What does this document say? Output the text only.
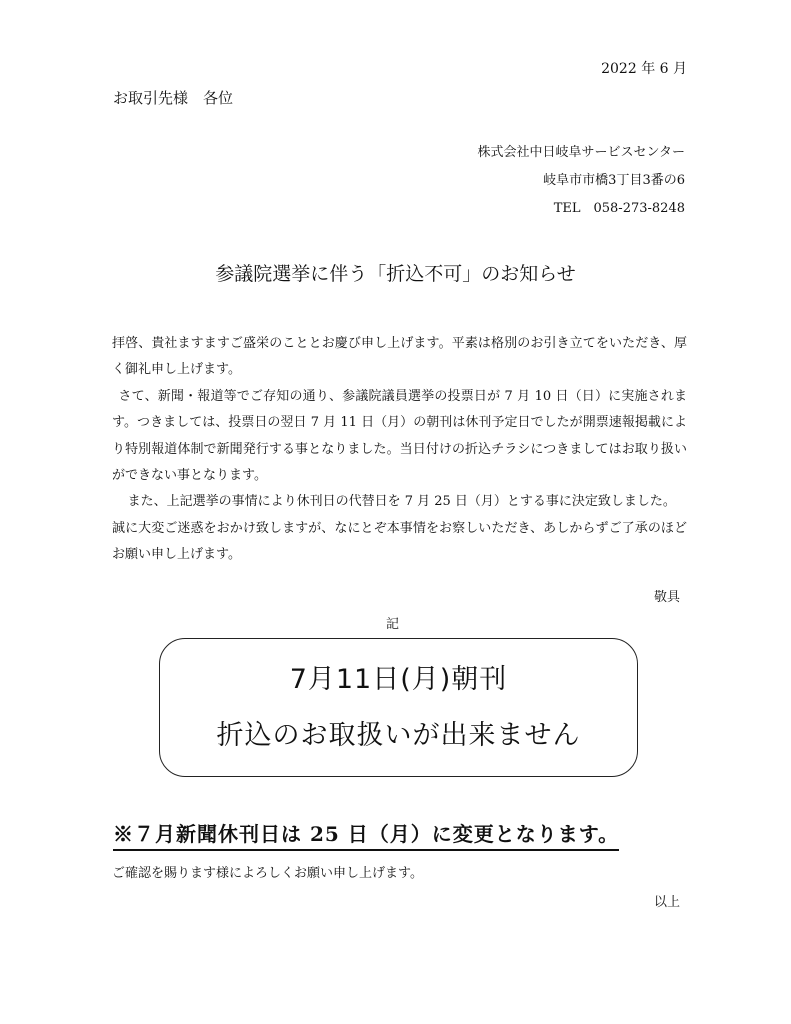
2022 年 6 月
お取引先様　各位
株式会社中日岐阜サービスセンター
岐阜市市橋3丁目3番の6
TEL　058-273-8248
参議院選挙に伴う「折込不可」のお知らせ

拝啓、貴社ますますご盛栄のこととお慶び申し上げます。平素は格別のお引き立てをいただき、厚く御礼申し上げます。

さて、新聞・報道等でご存知の通り、参議院議員選挙の投票日が 7 月 10 日（日）に実施されます。つきましては、投票日の翌日 7 月 11 日（月）の朝刊は休刊予定日でしたが開票速報掲載により特別報道体制で新聞発行する事となりました。当日付けの折込チラシにつきましてはお取り扱いができない事となります。

また、上記選挙の事情により休刊日の代替日を 7 月 25 日（月）とする事に決定致しました。

誠に大変ご迷惑をおかけ致しますが、なにとぞ本事情をお察しいただき、あしからずご了承のほどお願い申し上げます。

敬具
記
7月11日(月)朝刊
折込のお取扱いが出来ません
※７月新聞休刊日は 25 日（月）に変更となります。
ご確認を賜ります様によろしくお願い申し上げます。
以上
